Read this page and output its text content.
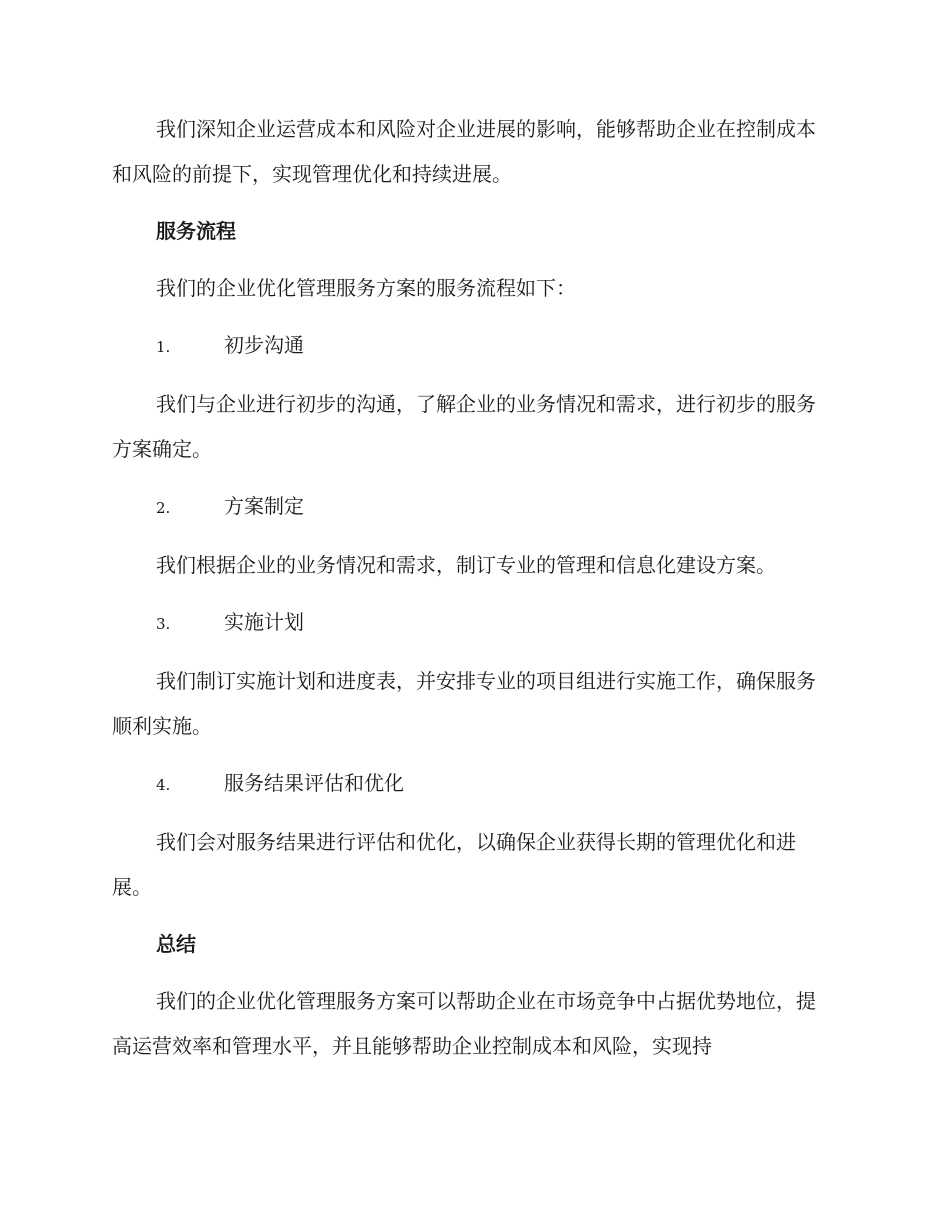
我们深知企业运营成本和风险对企业进展的影响，能够帮助企业在控制成本和风险的前提下，实现管理优化和持续进展。

服务流程

我们的企业优化管理服务方案的服务流程如下：

1.	初步沟通

我们与企业进行初步的沟通，了解企业的业务情况和需求，进行初步的服务方案确定。

2.	方案制定

我们根据企业的业务情况和需求，制订专业的管理和信息化建设方案。

3.	实施计划

我们制订实施计划和进度表，并安排专业的项目组进行实施工作，确保服务顺利实施。

4.	服务结果评估和优化

我们会对服务结果进行评估和优化，以确保企业获得长期的管理优化和进展。

总结

我们的企业优化管理服务方案可以帮助企业在市场竞争中占据优势地位，提高运营效率和管理水平，并且能够帮助企业控制成本和风险，实现持
